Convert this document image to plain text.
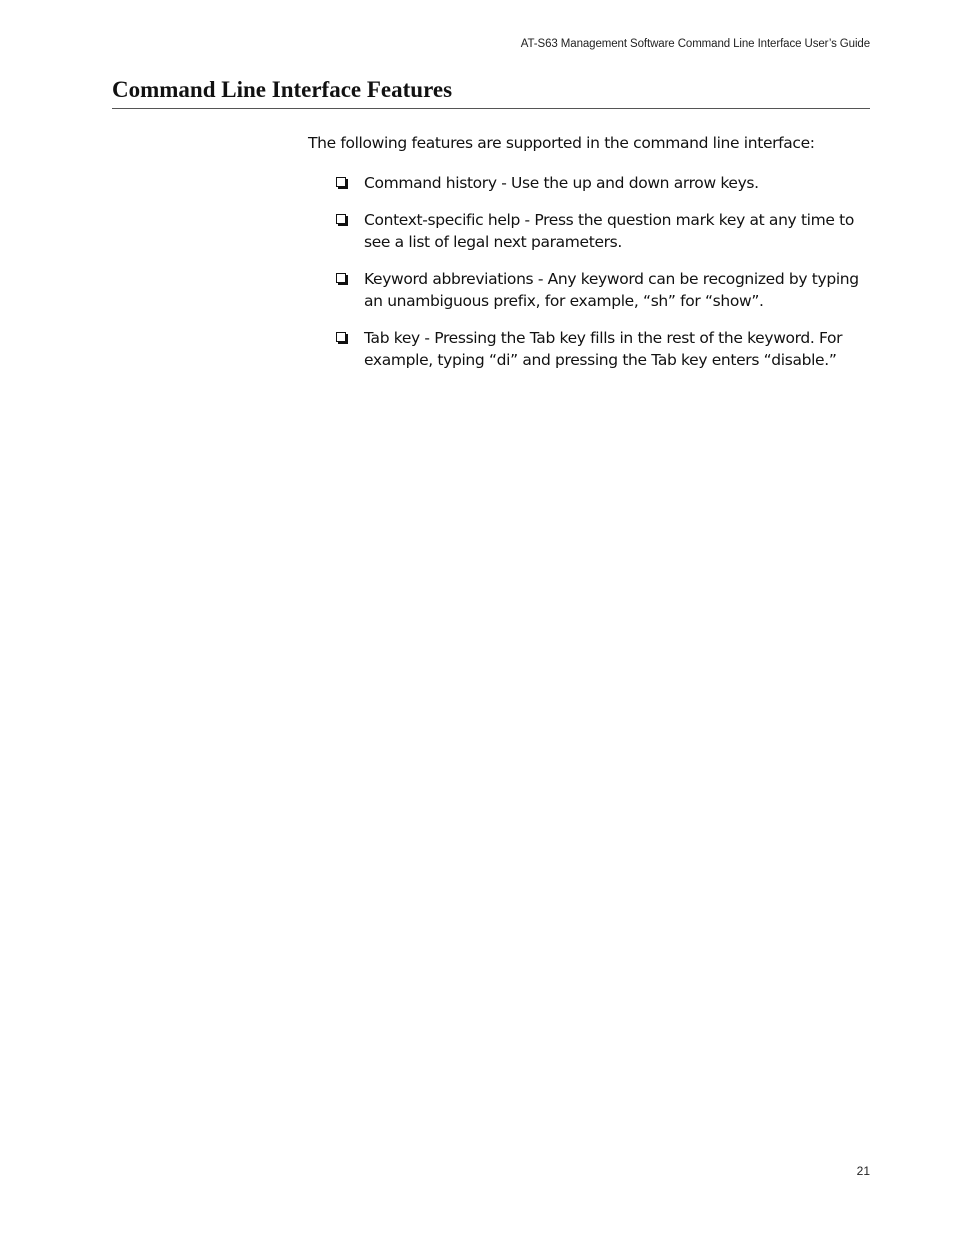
AT-S63 Management Software Command Line Interface User’s Guide
Command Line Interface Features

The following features are supported in the command line interface:

Command history - Use the up and down arrow keys.
Context-specific help - Press the question mark key at any time to see a list of legal next parameters.
Keyword abbreviations - Any keyword can be recognized by typing an unambiguous prefix, for example, “sh” for “show”.
Tab key - Pressing the Tab key fills in the rest of the keyword. For example, typing “di” and pressing the Tab key enters “disable.”
21
